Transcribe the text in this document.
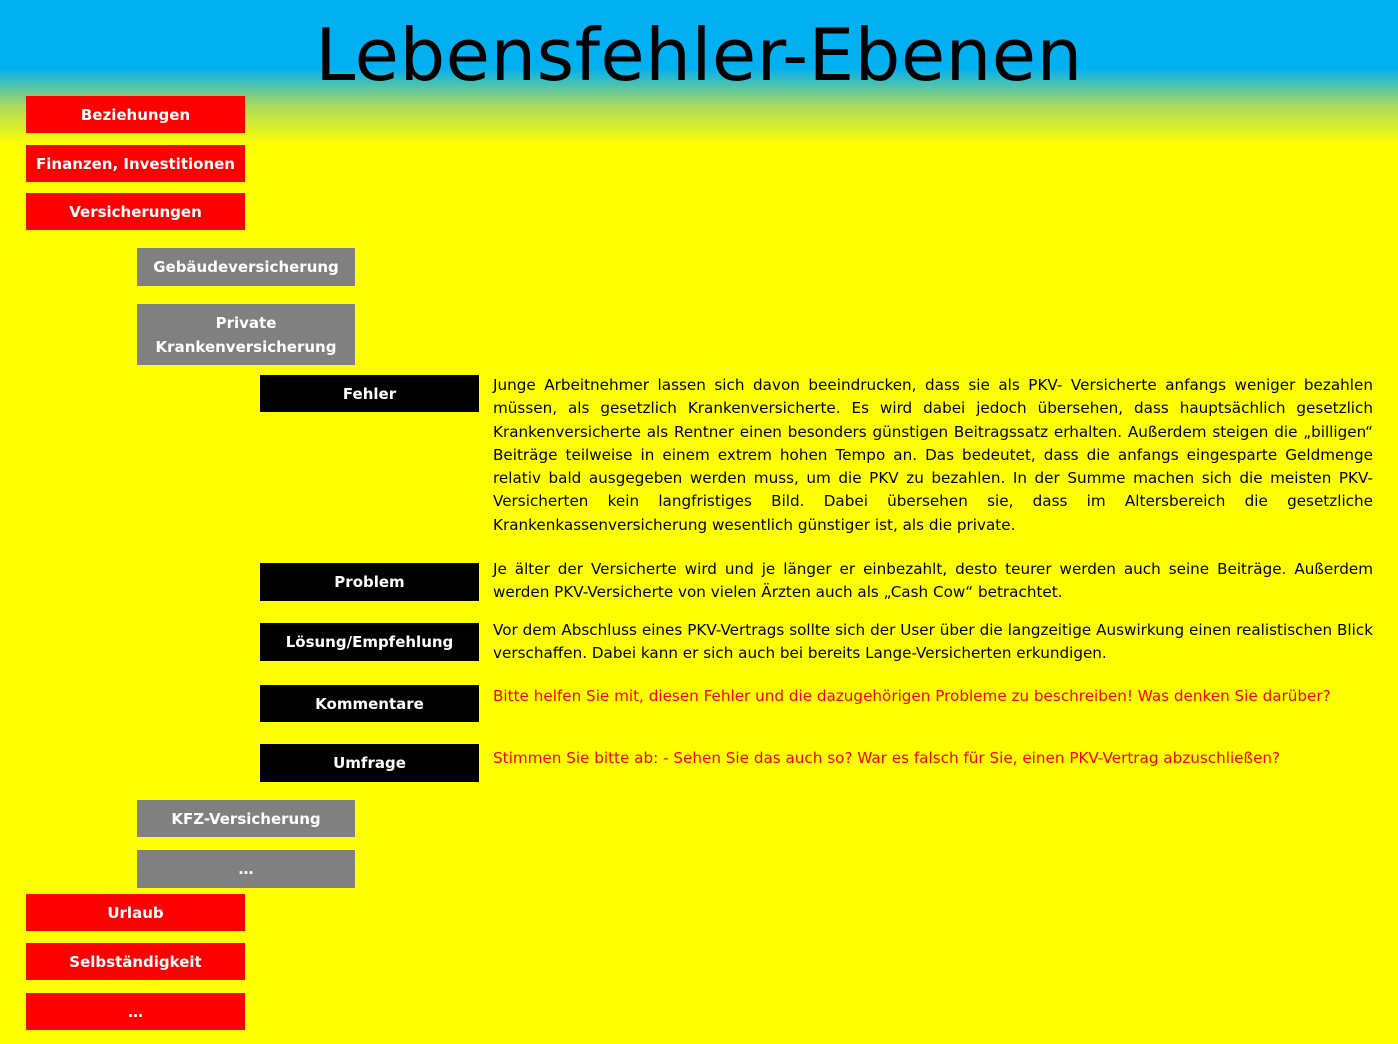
Lebensfehler-Ebenen
Beziehungen
Finanzen, Investitionen
Versicherungen
Gebäudeversicherung
Private Krankenversicherung
Fehler	Junge Arbeitnehmer lassen sich davon beeindrucken, dass sie als PKV- Versicherte anfangs weniger bezahlen müssen, als gesetzlich Krankenversicherte. Es wird dabei jedoch übersehen, dass hauptsächlich gesetzlich Krankenversicherte als Rentner einen besonders günstigen Beitragssatz erhalten. Außerdem steigen die „billigen“ Beiträge teilweise in einem extrem hohen Tempo an. Das bedeutet, dass die anfangs eingesparte Geldmenge relativ bald ausgegeben werden muss, um die PKV zu bezahlen. In der Summe machen sich die meisten PKV-Versicherten kein langfristiges Bild. Dabei übersehen sie, dass im Altersbereich die gesetzliche Krankenkassenversicherung wesentlich günstiger ist, als die private.
Problem
Je älter der Versicherte wird und je länger er einbezahlt, desto teurer werden auch seine Beiträge. Außerdem werden PKV-Versicherte von vielen Ärzten auch als „Cash Cow“ betrachtet.
Lösung/Empfehlung
Vor dem Abschluss eines PKV-Vertrags sollte sich der User über die langzeitige Auswirkung einen realistischen Blick verschaffen. Dabei kann er sich auch bei bereits Lange-Versicherten erkundigen.
Kommentare	Bitte helfen Sie mit, diesen Fehler und die dazugehörigen Probleme zu beschreiben! Was denken Sie darüber?
Umfrage	Stimmen Sie bitte ab: - Sehen Sie das auch so? War es falsch für Sie, einen PKV-Vertrag abzuschließen?
KFZ-Versicherung
…
Urlaub
Selbständigkeit
…
